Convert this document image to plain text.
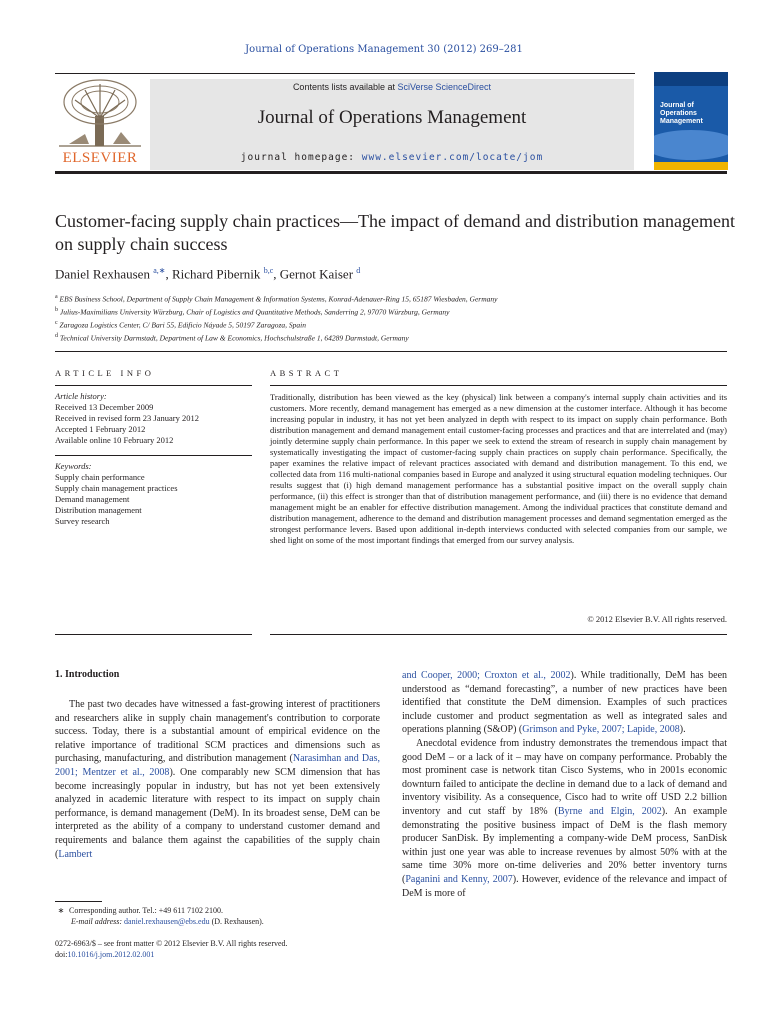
Journal of Operations Management 30 (2012) 269–281
ELSEVIER
Contents lists available at SciVerse ScienceDirect
Journal of Operations Management
journal homepage: www.elsevier.com/locate/jom
Journal of
Operations
Management
Customer-facing supply chain practices—The impact of demand and distribution management on supply chain success
Daniel Rexhausen $^{a,∗}$, Richard Pibernik $^{b,c}$, Gernot Kaiser $^d$
$^a$ EBS Business School, Department of Supply Chain Management & Information Systems, Konrad-Adenauer-Ring 15, 65187 Wiesbaden, Germany
$^b$ Julius-Maximilians University Würzburg, Chair of Logistics and Quantitative Methods, Sanderring 2, 97070 Würzburg, Germany
$^c$ Zaragoza Logistics Center, C/ Bari 55, Edificio Náyade 5, 50197 Zaragoza, Spain
$^d$ Technical University Darmstadt, Department of Law & Economics, Hochschulstraße 1, 64289 Darmstadt, Germany
ARTICLE INFO	ABSTRACT
Article history:
Received 13 December 2009
Received in revised form 23 January 2012
Accepted 1 February 2012
Available online 10 February 2012
Keywords:
Supply chain performance
Supply chain management practices
Demand management
Distribution management
Survey research
Traditionally, distribution has been viewed as the key (physical) link between a company's internal supply chain activities and its customers. More recently, demand management has emerged as a new dimension at the customer interface. Although it has become increasing popular in industry, it has not yet been analyzed in depth with respect to its impact on supply chain performance. Both distribution management and demand management entail customer-facing processes and practices and that are interrelated and (may) jointly determine supply chain performance. In this paper we seek to extend the stream of research in supply chain management by systematically investigating the impact of customer-facing supply chain practices on supply chain performance. Specifically, the paper examines the relative impact of relevant practices associated with demand and distribution management. To this end, we collected data from 116 multi-national companies based in Europe and analyzed it using structural equation modeling techniques. Our results suggest that (i) high demand management performance has a substantial positive impact on the overall supply chain performance, (ii) this effect is stronger than that of distribution management performance, and (iii) there is no evidence that demand management might be an enabler for effective distribution management. Among the individual practices that constitute demand and distribution management, adherence to the demand and distribution management processes and demand segmentation emerged as the strongest performance levers. Based upon additional in-depth interviews conducted with selected companies from our sample, we shed light on some of the most important findings that emerged from our survey analysis.
© 2012 Elsevier B.V. All rights reserved.
1. Introduction
The past two decades have witnessed a fast-growing interest of practitioners and researchers alike in supply chain management's contribution to corporate success. Today, there is a substantial amount of empirical evidence on the relative importance of traditional SCM practices and dimensions such as purchasing, manufacturing, and distribution management (Narasimhan and Das, 2001; Mentzer et al., 2008). One comparably new SCM dimension that has become increasingly popular in industry, but has not yet been extensively analyzed in academic literature with respect to its impact on supply chain performance, is demand management (DeM). In its broadest sense, DeM can be interpreted as the ability of a company to understand customer demand and requirements and balance them against the capabilities of the supply chain (Lambert

and Cooper, 2000; Croxton et al., 2002). While traditionally, DeM has been understood as “demand forecasting”, a number of new practices have been identified that constitute the DeM dimension. Examples of such practices include customer and product segmentation as well as integrated sales and operations planning (S&OP) (Grimson and Pyke, 2007; Lapide, 2008).

Anecdotal evidence from industry demonstrates the tremendous impact that good DeM – or a lack of it – may have on company performance. Probably the most prominent case is network titan Cisco Systems, who in 2001s economic downturn failed to anticipate the decline in demand due to a lack of demand and inventory visibility. As a consequence, Cisco had to write off USD 2.2 billion inventory and cut staff by 18% (Byrne and Elgin, 2002). An example demonstrating the positive business impact of DeM is the flash memory producer SanDisk. By implementing a company-wide DeM process, SanDisk within just one year was able to increase revenues by almost 50% with at the same time 30% more on-time deliveries and 20% better inventory turns (Paganini and Kenny, 2007). However, evidence of the relevance and impact of DeM is more of

∗ Corresponding author. Tel.: +49 611 7102 2100.
E-mail address: daniel.rexhausen@ebs.edu (D. Rexhausen).
0272-6963/$ – see front matter © 2012 Elsevier B.V. All rights reserved.
doi:10.1016/j.jom.2012.02.001
